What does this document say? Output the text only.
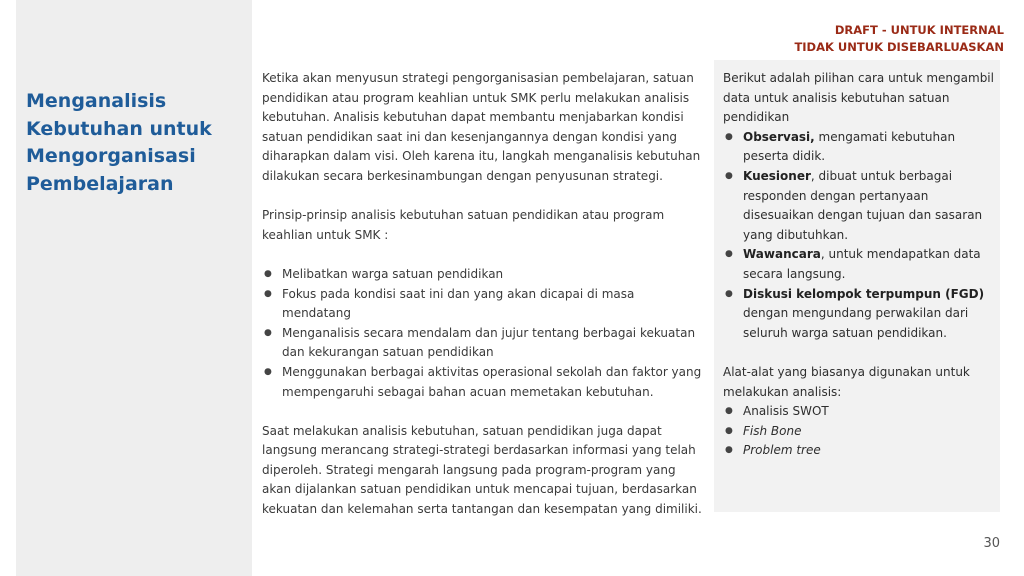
Menganalisis Kebutuhan untuk Mengorganisasi Pembelajaran
DRAFT - UNTUK INTERNAL
TIDAK UNTUK DISEBARLUASKAN

Ketika akan menyusun strategi pengorganisasian pembelajaran, satuan pendidikan atau program keahlian untuk SMK perlu melakukan analisis kebutuhan. Analisis kebutuhan dapat membantu menjabarkan kondisi satuan pendidikan saat ini dan kesenjangannya dengan kondisi yang diharapkan dalam visi. Oleh karena itu, langkah menganalisis kebutuhan dilakukan secara berkesinambungan dengan penyusunan strategi.

Prinsip-prinsip analisis kebutuhan satuan pendidikan atau program keahlian untuk SMK :

● Melibatkan warga satuan pendidikan
● Fokus pada kondisi saat ini dan yang akan dicapai di masa mendatang
● Menganalisis secara mendalam dan jujur tentang berbagai kekuatan dan kekurangan satuan pendidikan
● Menggunakan berbagai aktivitas operasional sekolah dan faktor yang mempengaruhi sebagai bahan acuan memetakan kebutuhan.

Saat melakukan analisis kebutuhan, satuan pendidikan juga dapat langsung merancang strategi-strategi berdasarkan informasi yang telah diperoleh. Strategi mengarah langsung pada program-program yang akan dijalankan satuan pendidikan untuk mencapai tujuan, berdasarkan kekuatan dan kelemahan serta tantangan dan kesempatan yang dimiliki.

Berikut adalah pilihan cara untuk mengambil data untuk analisis kebutuhan satuan pendidikan

● Observasi, mengamati kebutuhan peserta didik.
● Kuesioner, dibuat untuk berbagai responden dengan pertanyaan disesuaikan dengan tujuan dan sasaran yang dibutuhkan.
● Wawancara, untuk mendapatkan data secara langsung.
● Diskusi kelompok terpumpun (FGD) dengan mengundang perwakilan dari seluruh warga satuan pendidikan.

Alat-alat yang biasanya digunakan untuk melakukan analisis:

● Analisis SWOT
● Fish Bone
● Problem tree
30
